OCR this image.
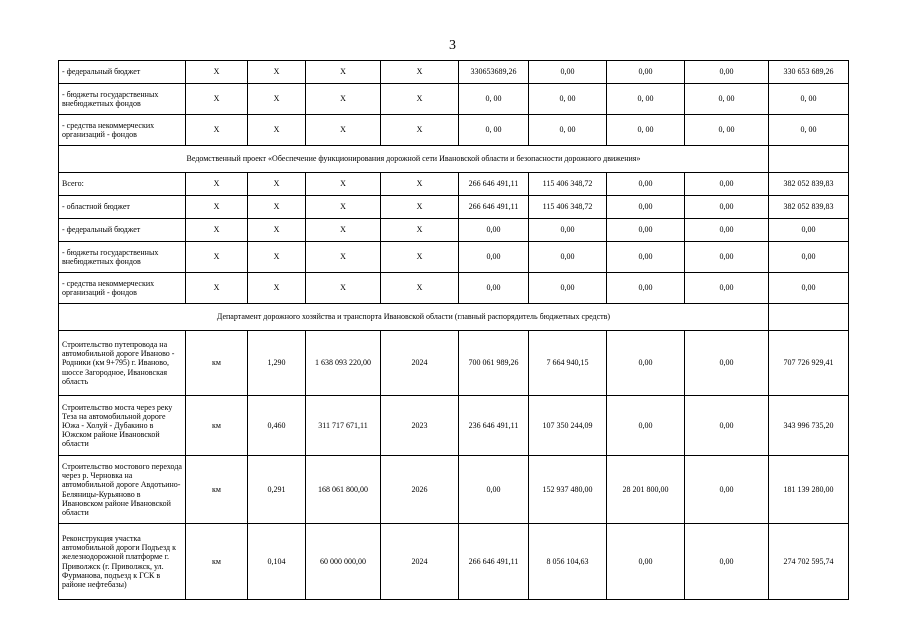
3
- федеральный бюджет	X	X	X	X	330653689,26	0,00	0,00	0,00	330 653 689,26
- бюджеты государственных внебюджетных фондов	X	X	X	X	0, 00	0, 00	0, 00	0, 00	0, 00
- средства некоммерческих организаций - фондов	X	X	X	X	0, 00	0, 00	0, 00	0, 00	0, 00
Ведомственный проект «Обеспечение функционирования дорожной сети Ивановской области и безопасности дорожного движения»									
Всего:	X	X	X	X	266 646 491,11	115 406 348,72	0,00	0,00	382 052 839,83
- областной бюджет	X	X	X	X	266 646 491,11	115 406 348,72	0,00	0,00	382 052 839,83
- федеральный бюджет	X	X	X	X	0,00	0,00	0,00	0,00	0,00
- бюджеты государственных внебюджетных фондов	X	X	X	X	0,00	0,00	0,00	0,00	0,00
- средства некоммерческих организаций - фондов	X	X	X	X	0,00	0,00	0,00	0,00	0,00
Департамент дорожного хозяйства и транспорта Ивановской области (главный распорядитель бюджетных средств)									
Строительство путепровода на автомобильной дороге Иваново - Родники (км 9+795) г. Иваново, шоссе Загородное, Ивановская область	км	1,290	1 638 093 220,00	2024	700 061 989,26	7 664 940,15	0,00	0,00	707 726 929,41
Строительство моста через реку Теза на автомобильной дороге Южа - Холуй - Дубакино в Южском районе Ивановской области	км	0,460	311 717 671,11	2023	236 646 491,11	107 350 244,09	0,00	0,00	343 996 735,20
Строительство мостового перехода через р. Черновка на автомобильной дороге Авдотьино-Беляницы-Курьяново в Ивановском районе Ивановской области	км	0,291	168 061 800,00	2026	0,00	152 937 480,00	28 201 800,00	0,00	181 139 280,00
Реконструкция участка автомобильной дороги Подъезд к железнодорожной платформе г. Приволжск (г. Приволжск, ул. Фурманова, подъезд к ГСК в районе нефтебазы)	км	0,104	60 000 000,00	2024	266 646 491,11	8 056 104,63	0,00	0,00	274 702 595,74
